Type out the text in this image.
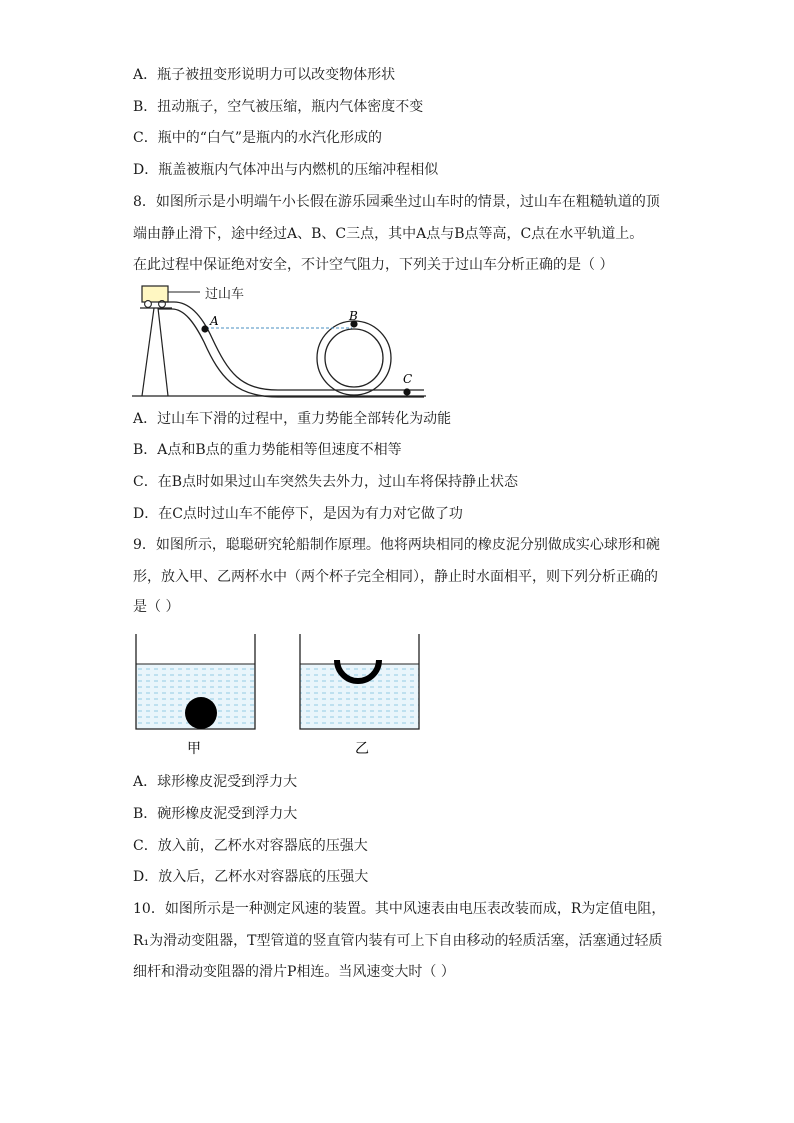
A．瓶子被扭变形说明力可以改变物体形状
B．扭动瓶子，空气被压缩，瓶内气体密度不变
C．瓶中的“白气”是瓶内的水汽化形成的
D．瓶盖被瓶内气体冲出与内燃机的压缩冲程相似
8．如图所示是小明端午小长假在游乐园乘坐过山车时的情景，过山车在粗糙轨道的顶
端由静止滑下，途中经过A、B、C三点，其中A点与B点等高，C点在水平轨道上。
在此过程中保证绝对安全，不计空气阻力，下列关于过山车分析正确的是（ ）
过山车
A	B
C
A．过山车下滑的过程中，重力势能全部转化为动能
B．A点和B点的重力势能相等但速度不相等
C．在B点时如果过山车突然失去外力，过山车将保持静止状态
D．在C点时过山车不能停下，是因为有力对它做了功
9．如图所示，聪聪研究轮船制作原理。他将两块相同的橡皮泥分别做成实心球形和碗
形，放入甲、乙两杯水中（两个杯子完全相同），静止时水面相平，则下列分析正确的
是（ ）
甲	乙
A．球形橡皮泥受到浮力大
B．碗形橡皮泥受到浮力大
C．放入前，乙杯水对容器底的压强大
D．放入后，乙杯水对容器底的压强大
10．如图所示是一种测定风速的装置。其中风速表由电压表改装而成，R为定值电阻，
R₁为滑动变阻器，T型管道的竖直管内装有可上下自由移动的轻质活塞，活塞通过轻质
细杆和滑动变阻器的滑片P相连。当风速变大时（ ）
